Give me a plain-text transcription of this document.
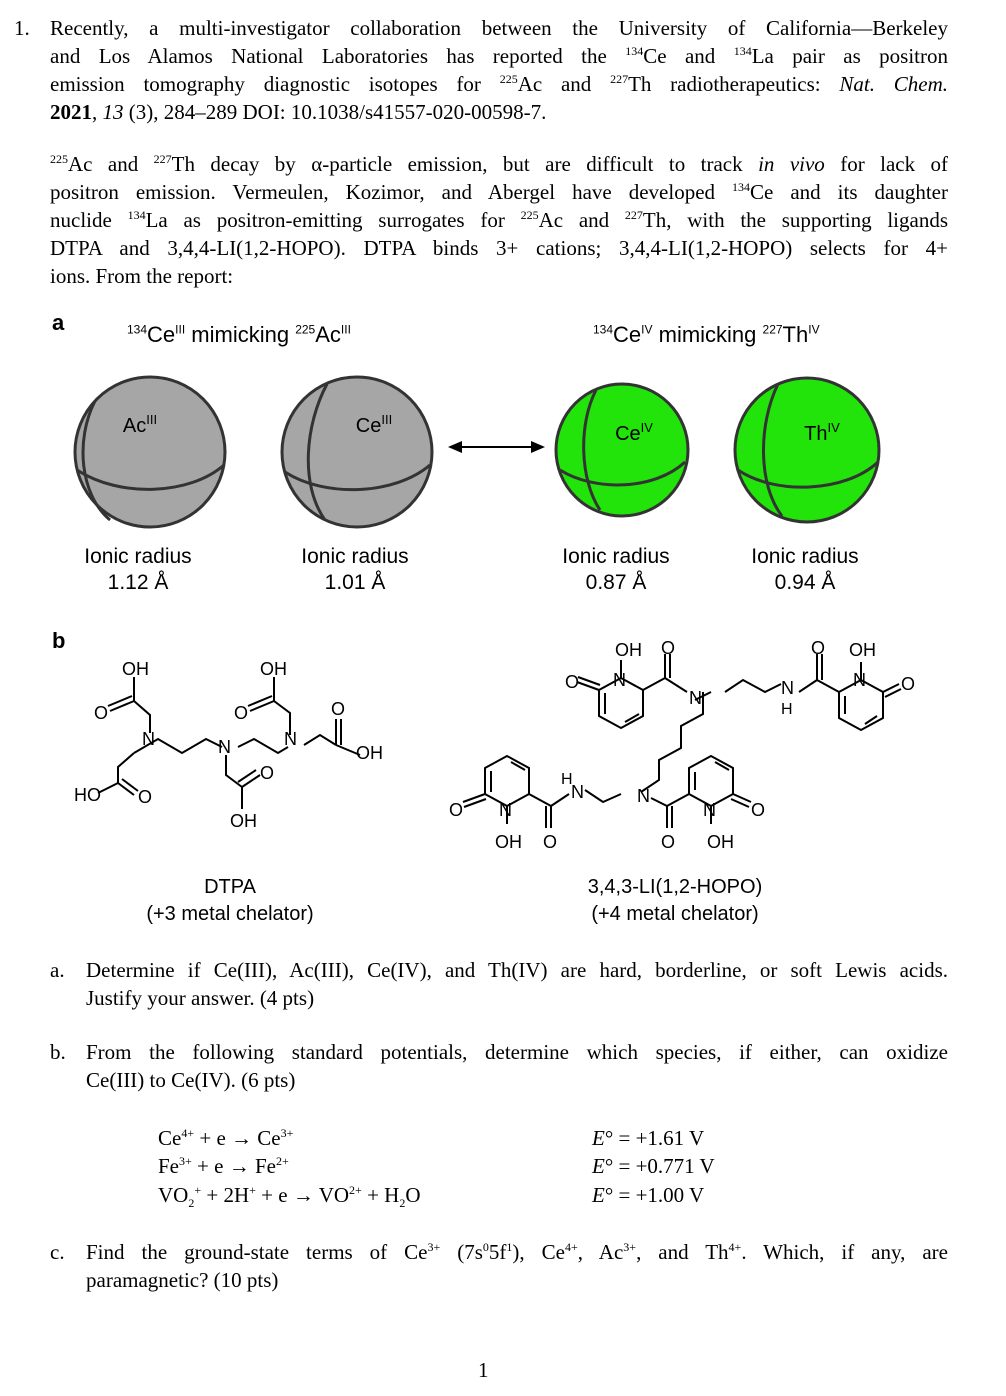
1. Recently, a multi-investigator collaboration between the University of California—Berkeley
and Los Alamos National Laboratories has reported the $^{134}$Ce and $^{134}$La pair as positron
emission tomography diagnostic isotopes for $^{225}$Ac and $^{227}$Th radiotherapeutics: Nat. Chem.
2021, 13 (3), 284–289 DOI: 10.1038/s41557-020-00598-7.
$^{225}$Ac and $^{227}$Th decay by α-particle emission, but are difficult to track in vivo for lack of
positron emission. Vermeulen, Kozimor, and Abergel have developed $^{134}$Ce and its daughter
nuclide $^{134}$La as positron-emitting surrogates for $^{225}$Ac and $^{227}$Th, with the supporting ligands
DTPA and 3,4,4-LI(1,2-HOPO). DTPA binds 3+ cations; 3,4,4-LI(1,2-HOPO) selects for 4+
ions. From the report:
a	$^{134}Ce^{III}$ mimicking $^{225}Ac^{III}$	$^{134}Ce^{IV}$ mimicking $^{227}Th^{IV}$
$Ac^{III}$	$Ce^{III}$
$Ce^{IV}$	$Th^{IV}$
Ionic radius
1.12 Å
Ionic radius
1.01 Å
Ionic radius
0.87 Å
Ionic radius
0.94 Å
b
OH
O
N
HO O
N
O
OH
OH
O
N
O
OH
OH O
O N
N	N
H
O OH
N O
O N
OH O
N
H
N
O
N
OH
O
DTPA
(+3 metal chelator)
3,4,3-LI(1,2-HOPO)
(+4 metal chelator)
a. Determine if Ce(III), Ac(III), Ce(IV), and Th(IV) are hard, borderline, or soft Lewis acids.
Justify your answer. (4 pts)
b. From the following standard potentials, determine which species, if either, can oxidize
Ce(III) to Ce(IV). (6 pts)
$Ce^{4+} + e \to Ce^{3+}$	E° = +1.61 V
$Fe^{3+} + e \to Fe^{2+}$	E° = +0.771 V
$VO_2^+ + 2H^+ + e \to VO^{2+} + H_2O$	E° = +1.00 V
c. Find the ground-state terms of $Ce^{3+}$ $(7s^05f^1)$, $Ce^{4+}$, $Ac^{3+}$, and $Th^{4+}$. Which, if any, are
paramagnetic? (10 pts)
1
